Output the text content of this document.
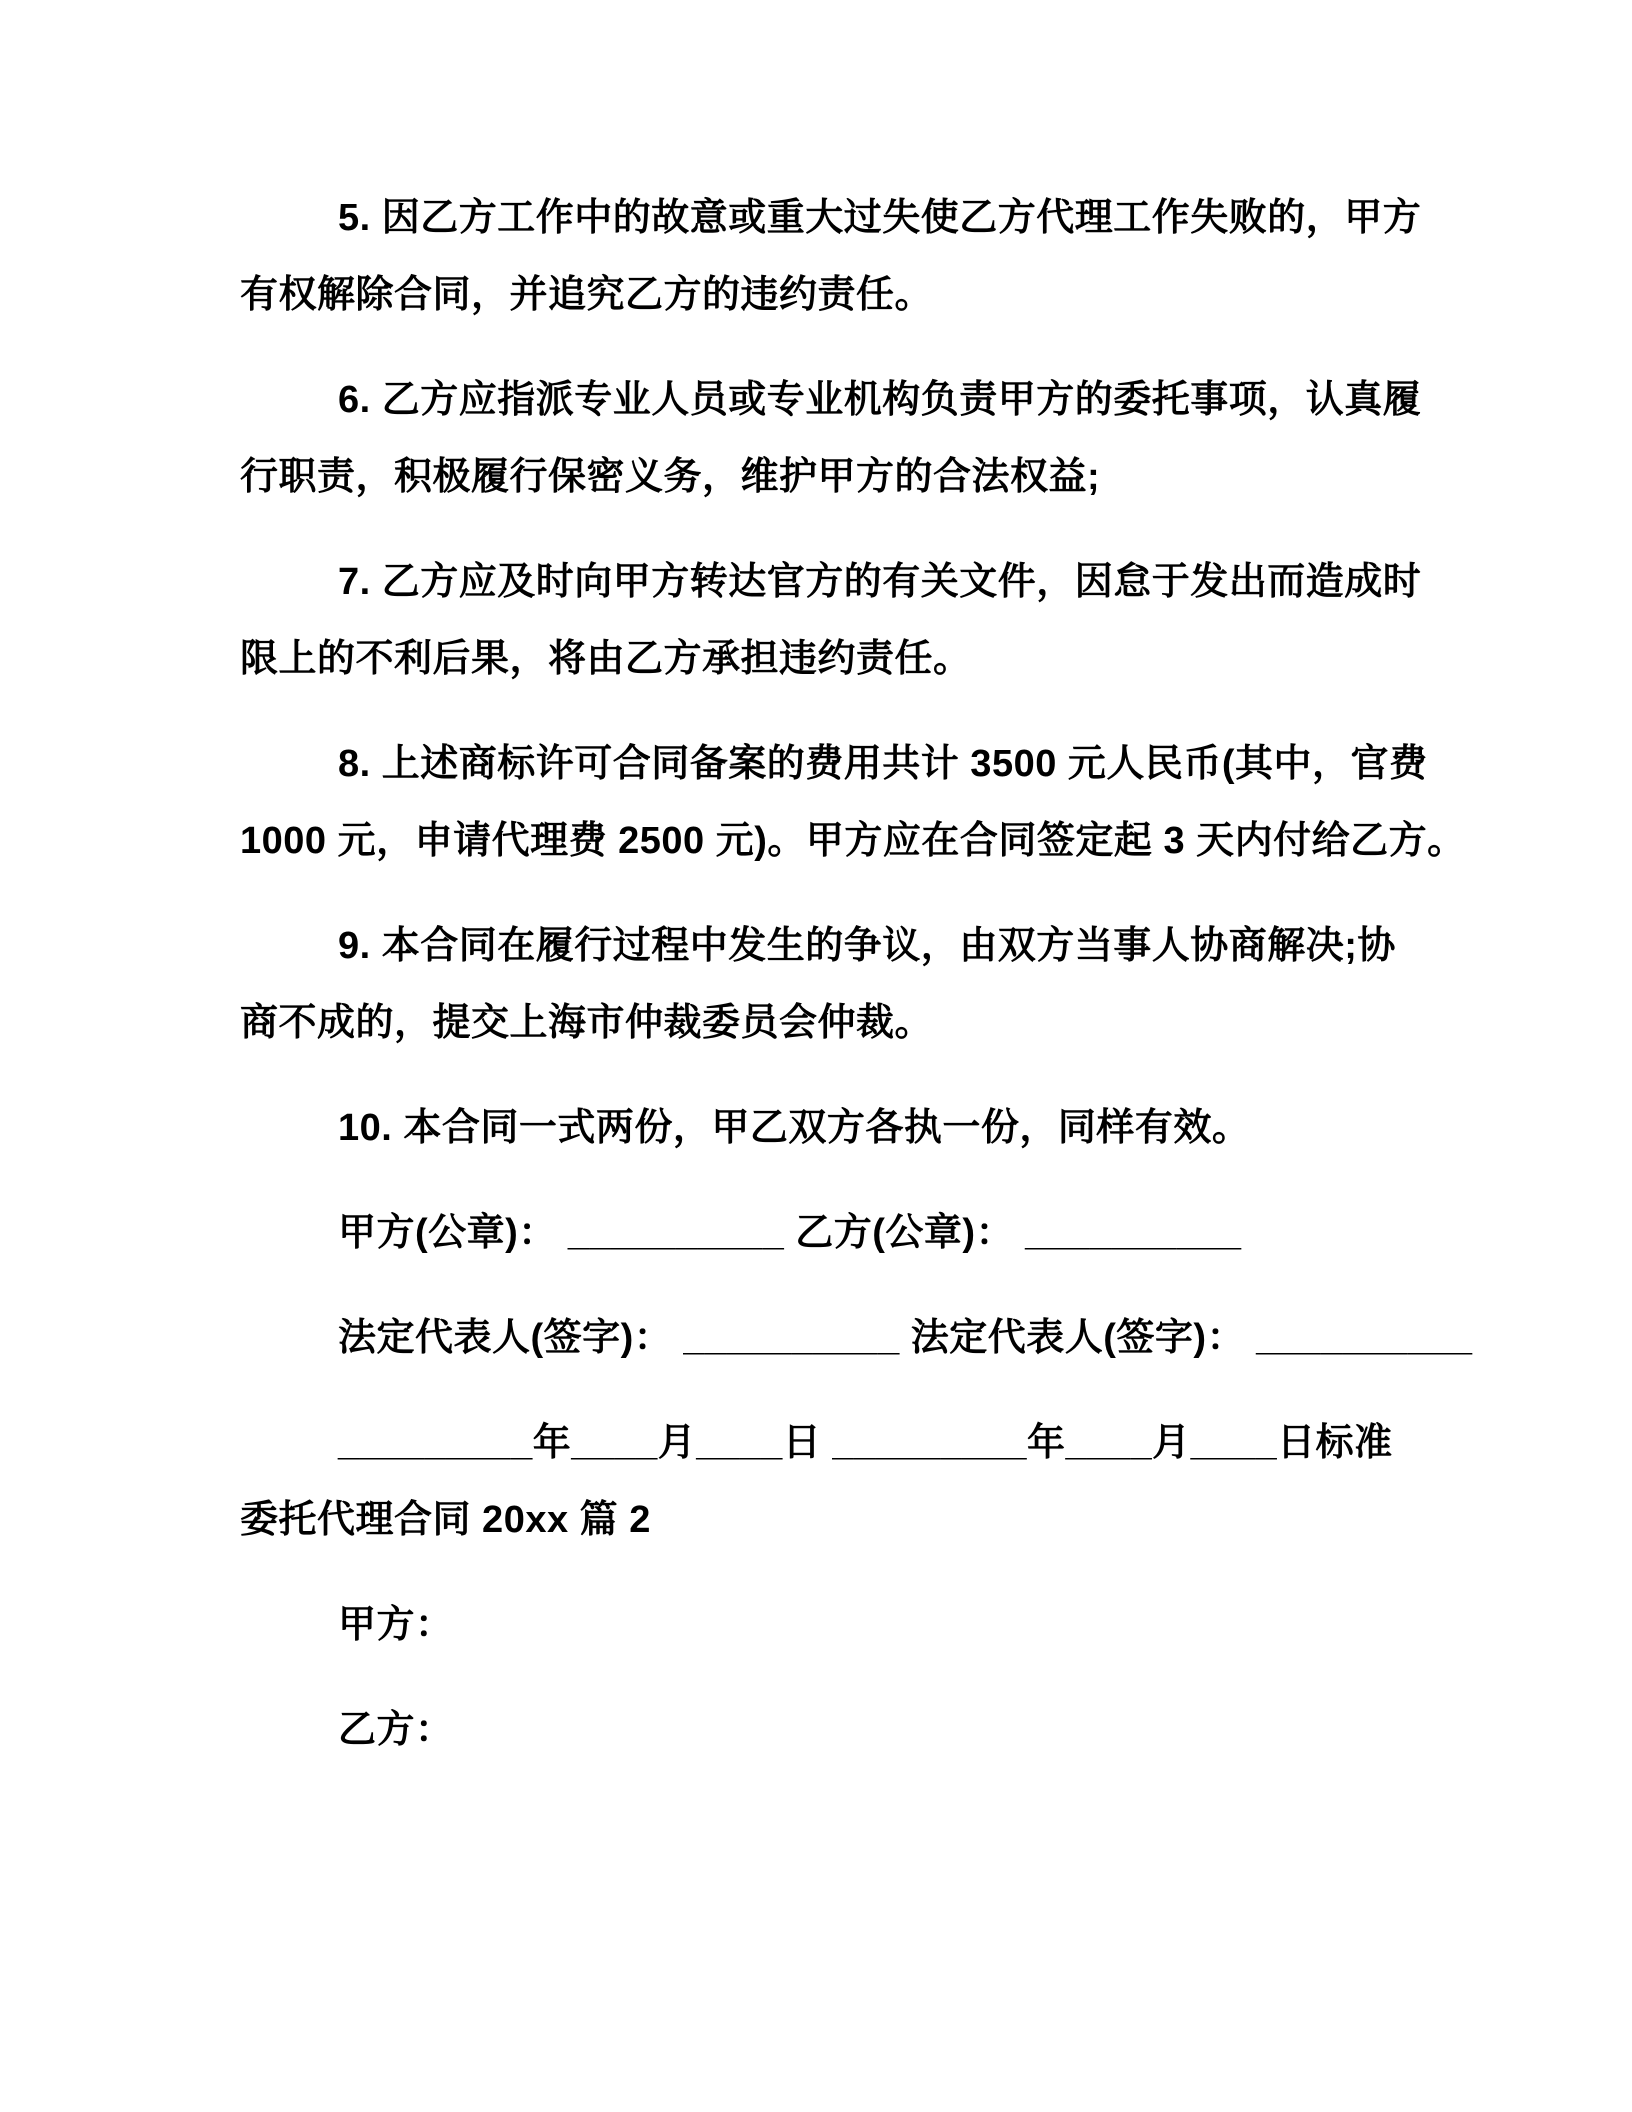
5. 因乙方工作中的故意或重大过失使乙方代理工作失败的，甲方
有权解除合同，并追究乙方的违约责任。
6. 乙方应指派专业人员或专业机构负责甲方的委托事项，认真履
行职责，积极履行保密义务，维护甲方的合法权益;
7. 乙方应及时向甲方转达官方的有关文件，因怠于发出而造成时
限上的不利后果，将由乙方承担违约责任。
8. 上述商标许可合同备案的费用共计 3500 元人民币(其中，官费
1000 元，申请代理费 2500 元)。甲方应在合同签定起 3 天内付给乙方。
9. 本合同在履行过程中发生的争议，由双方当事人协商解决;协
商不成的，提交上海市仲裁委员会仲裁。
10. 本合同一式两份，甲乙双方各执一份，同样有效。
甲方(公章)： __________ 乙方(公章)： __________
法定代表人(签字)： __________ 法定代表人(签字)： __________
_________年____月____日 _________年____月____日标准
委托代理合同 20xx 篇 2
甲方：
乙方：
